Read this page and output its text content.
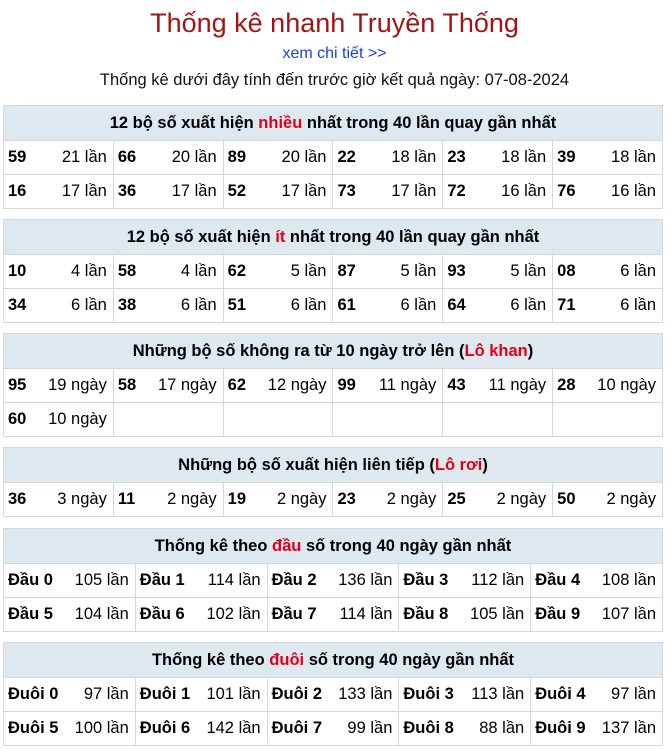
Thống kê nhanh Truyền Thống
xem chi tiết >>
Thống kê dưới đây tính đến trước giờ kết quả ngày: 07-08-2024
12 bộ số xuất hiện nhiều nhất trong 40 lần quay gần nhất					
59 21 lần	66 20 lần	89 20 lần	22 18 lần	23 18 lần	39 18 lần

16 17 lần	36 17 lần	52 17 lần	73 17 lần	72 16 lần	76 16 lần
12 bộ số xuất hiện ít nhất trong 40 lần quay gần nhất					
10 4 lần	58 4 lần	62 5 lần	87 5 lần	93 5 lần	08 6 lần

34 6 lần	38 6 lần	51 6 lần	61 6 lần	64 6 lần	71 6 lần
Những bộ số không ra từ 10 ngày trở lên (Lô khan)					
95 19 ngày	58 17 ngày	62 12 ngày	99 11 ngày	43 11 ngày	28 10 ngày

60 10 ngày					

Những bộ số xuất hiện liên tiếp (Lô rơi)
36 3 ngày	11 2 ngày	19 2 ngày	23 2 ngày	25 2 ngày	50 2 ngày
Thống kê theo đầu số trong 40 ngày gần nhất				
Đầu 0 105 lần	Đầu 1 114 lần	Đầu 2 136 lần	Đầu 3 112 lần	Đầu 4 108 lần

Đầu 5 104 lần	Đầu 6 102 lần	Đầu 7 114 lần	Đầu 8 105 lần	Đầu 9 107 lần
Thống kê theo đuôi số trong 40 ngày gần nhất				
Đuôi 0 97 lần	Đuôi 1 101 lần	Đuôi 2 133 lần	Đuôi 3 113 lần	Đuôi 4 97 lần

Đuôi 5 100 lần	Đuôi 6 142 lần	Đuôi 7 99 lần	Đuôi 8 88 lần	Đuôi 9 137 lần
